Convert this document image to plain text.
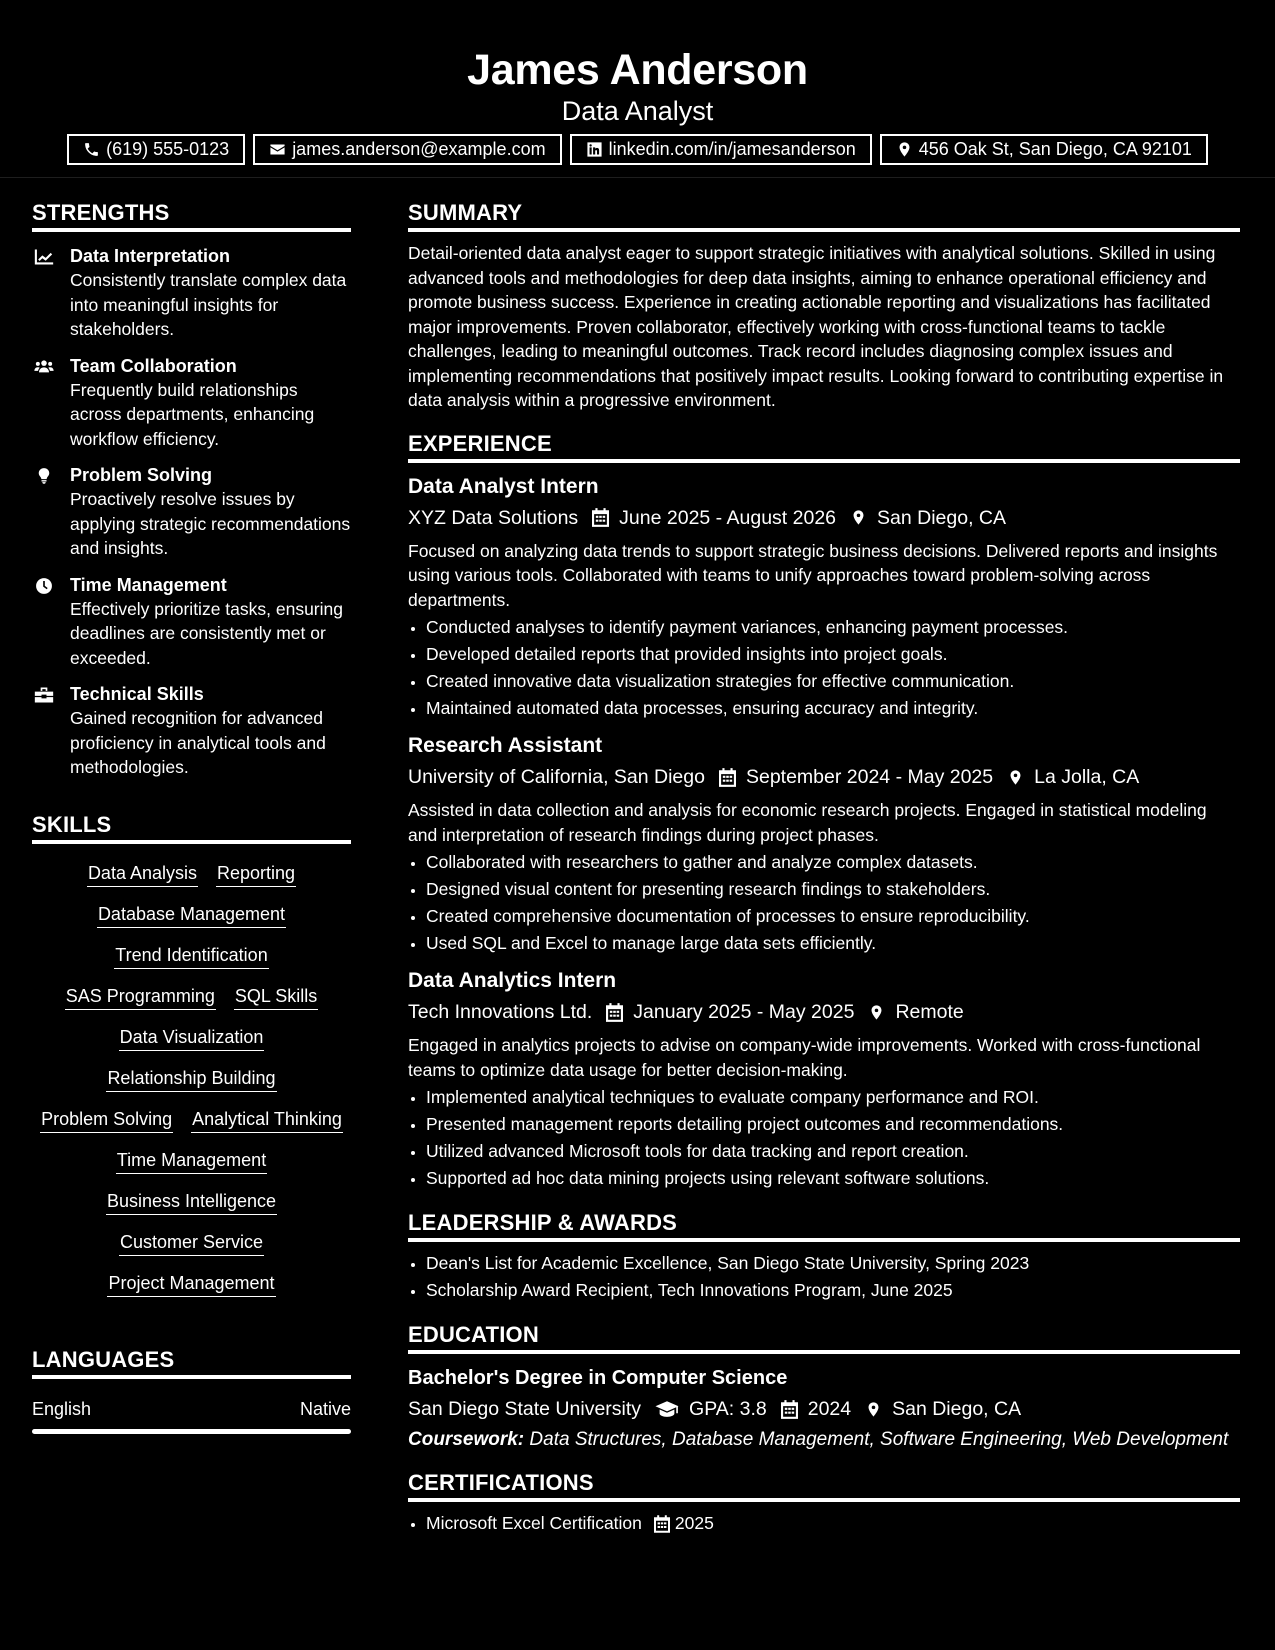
James Anderson
Data Analyst
(619) 555-0123	james.anderson@example.com	linkedin.com/in/jamesanderson	456 Oak St, San Diego, CA 92101
STRENGTHS
Data Interpretation
Consistently translate complex data into meaningful insights for stakeholders.
Team Collaboration
Frequently build relationships across departments, enhancing workflow efficiency.
Problem Solving
Proactively resolve issues by applying strategic recommendations and insights.
Time Management
Effectively prioritize tasks, ensuring deadlines are consistently met or exceeded.
Technical Skills
Gained recognition for advanced proficiency in analytical tools and methodologies.
SKILLS
Data Analysis Reporting
Database Management
Trend Identification
SAS Programming SQL Skills
Data Visualization
Relationship Building
Problem Solving Analytical Thinking
Time Management
Business Intelligence
Customer Service
Project Management
LANGUAGES
English	Native
SUMMARY
Detail-oriented data analyst eager to support strategic initiatives with analytical solutions. Skilled in using advanced tools and methodologies for deep data insights, aiming to enhance operational efficiency and promote business success. Experience in creating actionable reporting and visualizations has facilitated major improvements. Proven collaborator, effectively working with cross-functional teams to tackle challenges, leading to meaningful outcomes. Track record includes diagnosing complex issues and implementing recommendations that positively impact results. Looking forward to contributing expertise in data analysis within a progressive environment.
EXPERIENCE
Data Analyst Intern
XYZ Data Solutions June 2025 - August 2026 San Diego, CA
Focused on analyzing data trends to support strategic business decisions. Delivered reports and insights using various tools. Collaborated with teams to unify approaches toward problem-solving across departments.
• Conducted analyses to identify payment variances, enhancing payment processes.
• Developed detailed reports that provided insights into project goals.
• Created innovative data visualization strategies for effective communication.
• Maintained automated data processes, ensuring accuracy and integrity.
Research Assistant
University of California, San Diego September 2024 - May 2025 La Jolla, CA
Assisted in data collection and analysis for economic research projects. Engaged in statistical modeling and interpretation of research findings during project phases.
• Collaborated with researchers to gather and analyze complex datasets.
• Designed visual content for presenting research findings to stakeholders.
• Created comprehensive documentation of processes to ensure reproducibility.
• Used SQL and Excel to manage large data sets efficiently.
Data Analytics Intern
Tech Innovations Ltd. January 2025 - May 2025 Remote
Engaged in analytics projects to advise on company-wide improvements. Worked with cross-functional teams to optimize data usage for better decision-making.
• Implemented analytical techniques to evaluate company performance and ROI.
• Presented management reports detailing project outcomes and recommendations.
• Utilized advanced Microsoft tools for data tracking and report creation.
• Supported ad hoc data mining projects using relevant software solutions.
LEADERSHIP & AWARDS
• Dean's List for Academic Excellence, San Diego State University, Spring 2023
• Scholarship Award Recipient, Tech Innovations Program, June 2025
EDUCATION
Bachelor's Degree in Computer Science
San Diego State University GPA: 3.8 2024 San Diego, CA
Coursework: Data Structures, Database Management, Software Engineering, Web Development
CERTIFICATIONS
• Microsoft Excel Certification 2025
